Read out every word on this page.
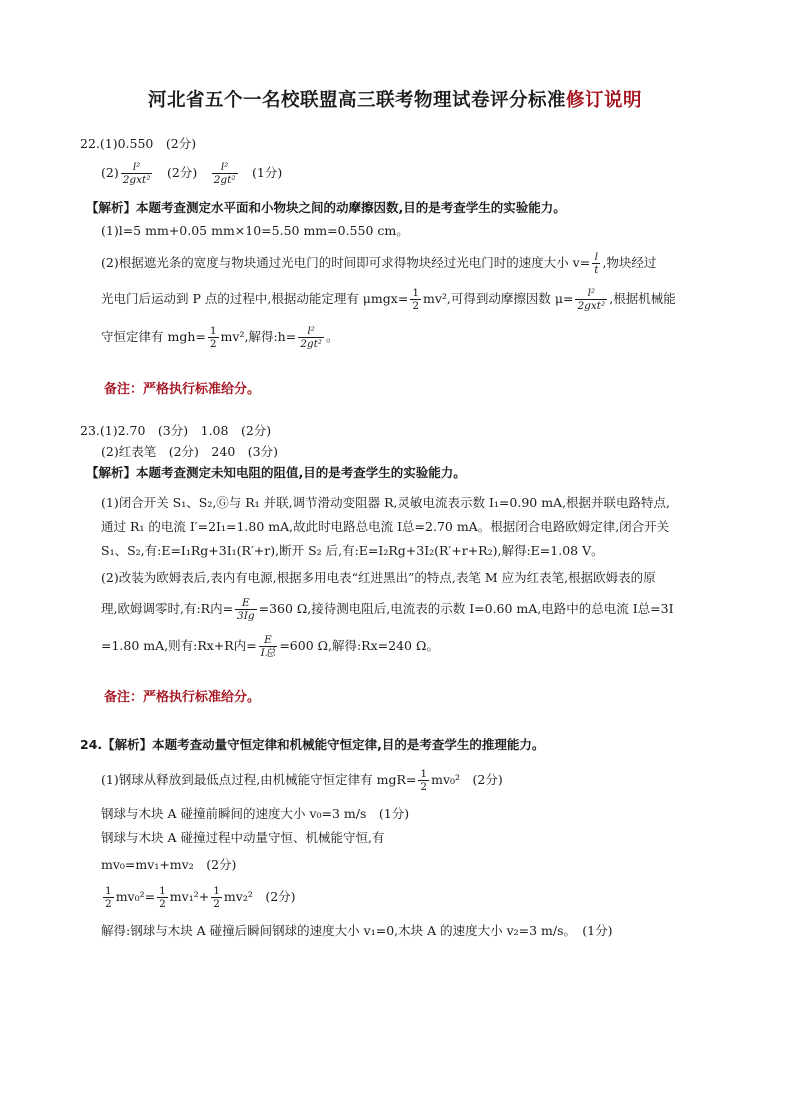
河北省五个一名校联盟高三联考物理试卷评分标准修订说明
22.(1)0.550　(2分)
$(2) \frac{\text{l²}}{\text{2gxt²}}$ 　(2分)　 $\frac{\text{l²}}{\text{2gt²}}$ 　(1分)
【解析】本题考查测定水平面和小物块之间的动摩擦因数,目的是考查学生的实验能力。
(1)l=5 mm+0.05 mm×10=5.50 mm=0.550 cm。
(2)根据遮光条的宽度与物块通过光电门的时间即可求得物块经过光电门时的速度大小 $v= \frac{l}{t}$ ,物块经过
光电门后运动到 P 点的过程中,根据动能定理有 $\mu mgx= \frac{1}{2} mv^2$,可得到动摩擦因数 $\mu= \frac{\text{l²}}{\text{2gxt²}}$ ,根据机械能
守恒定律有 $mgh= \frac{1}{2} mv^2$,解得:h= $\frac{\text{l²}}{\text{2gt²}}$ 。
备注：严格执行标准给分。
23.(1)2.70　(3分)　1.08　(2分)
(2)红表笔　(2分)　240　(3分)
【解析】本题考查测定未知电阻的阻值,目的是考查学生的实验能力。
(1)闭合开关 S₁、S₂,Ⓖ与 R₁ 并联,调节滑动变阻器 R,灵敏电流表示数 I₁=0.90 mA,根据并联电路特点,
通过 R₁ 的电流 I′=2I₁=1.80 mA,故此时电路总电流 I总=2.70 mA。根据闭合电路欧姆定律,闭合开关
S₁、S₂,有:E=I₁Rg+3I₁(R′+r),断开 S₂ 后,有:E=I₂Rg+3I₂(R′+r+R₂),解得:E=1.08 V。
(2)改装为欧姆表后,表内有电源,根据多用电表“红进黑出”的特点,表笔 M 应为红表笔,根据欧姆表的原
理,欧姆调零时,有:R内= $\frac{E}{3Ig} =360$ Ω,接待测电阻后,电流表的示数 I=0.60 mA,电路中的总电流 I总=3I
=1.80 mA,则有:Rx+R内= $\frac{E}{\text{I总}} =600$ Ω,解得:Rx=240 Ω。
备注：严格执行标准给分。
24.【解析】本题考查动量守恒定律和机械能守恒定律,目的是考查学生的推理能力。
(1)钢球从释放到最低点过程,由机械能守恒定律有 $mgR= \frac{1}{2} mv_0^2$　(2分)
钢球与木块 A 碰撞前瞬间的速度大小 v₀=3 m/s　(1分)
钢球与木块 A 碰撞过程中动量守恒、机械能守恒,有
mv₀=mv₁+mv₂　(2分)
$\frac{1}{2} mv_0^2= \frac{1}{2} mv_1^2+ \frac{1}{2} mv_2^2$　(2分)
解得:钢球与木块 A 碰撞后瞬间钢球的速度大小 v₁=0,木块 A 的速度大小 v₂=3 m/s。　(1分)
